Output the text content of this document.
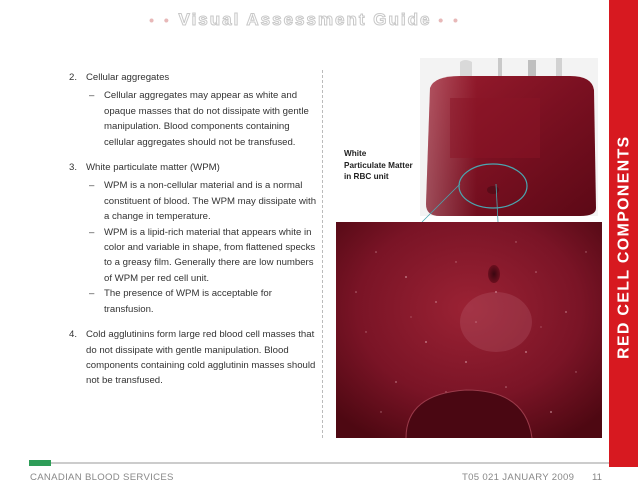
• • Visual Assessment Guide • •
RED CELL COMPONENTS
2. Cellular aggregates
– Cellular aggregates may appear as white and opaque masses that do not dissipate with gentle manipulation. Blood components containing cellular aggregates should not be transfused.
3. White particulate matter (WPM)
– WPM is a non-cellular material and is a normal constituent of blood. The WPM may dissipate with a change in temperature.
– WPM is a lipid-rich material that appears white in color and variable in shape, from flattened specks to a greasy film. Generally there are low numbers of WPM per red cell unit.
– The presence of WPM is acceptable for transfusion.
4. Cold agglutinins form large red blood cell masses that do not dissipate with gentle manipulation. Blood components containing cold agglutinin masses should not be transfused.
White
Particulate Matter
in RBC unit
CANADIAN BLOOD SERVICES	T05 021 JANUARY 2009 11
